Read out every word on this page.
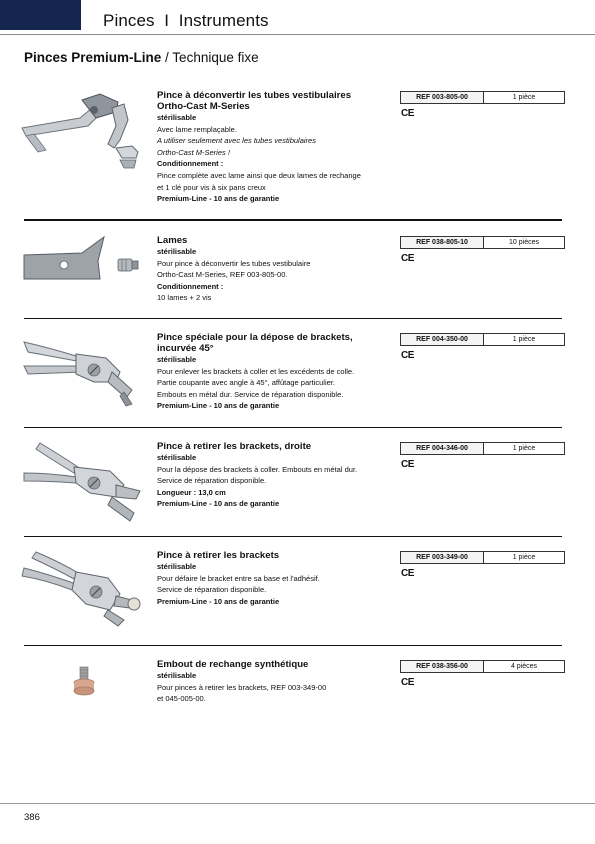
Pinces  I  Instruments
Pinces Premium-Line / Technique fixe
Pince à déconvertir les tubes vestibulaires
Ortho-Cast M-Series
stérilisable
Avec lame remplaçable.
A utiliser seulement avec les tubes vestibulaires
Ortho-Cast M-Series !
Conditionnement :
Pince complète avec lame ainsi que deux lames de rechange
et 1 clé pour vis à six pans creux
Premium-Line - 10 ans de garantie
REF 003-805-00	1 pièce
CE
Lames
stérilisable
Pour pince à déconvertir les tubes vestibulaire
Ortho-Cast M-Series, REF 003-805-00.
Conditionnement :
10 lames + 2 vis
REF 038-805-10	10 pièces
CE
Pince spéciale pour la dépose de brackets,
incurvée 45°
stérilisable
Pour enlever les brackets à coller et les excédents de colle.
Partie coupante avec angle à 45°, affûtage particulier.
Embouts en métal dur. Service de réparation disponible.
Premium-Line - 10 ans de garantie
REF 004-350-00	1 pièce
CE
Pince à retirer les brackets, droite
stérilisable
Pour la dépose des brackets à coller. Embouts en métal dur.
Service de réparation disponible.
Longueur : 13,0 cm
Premium-Line - 10 ans de garantie
REF 004-346-00	1 pièce
CE
Pince à retirer les brackets
stérilisable
Pour défaire le bracket entre sa base et l'adhésif.
Service de réparation disponible.
Premium-Line - 10 ans de garantie
REF 003-349-00	1 pièce
CE
Embout de rechange synthétique
stérilisable
Pour pinces à retirer les brackets, REF 003-349-00
et 045-005-00.
REF 038-356-00	4 pièces
CE
386
